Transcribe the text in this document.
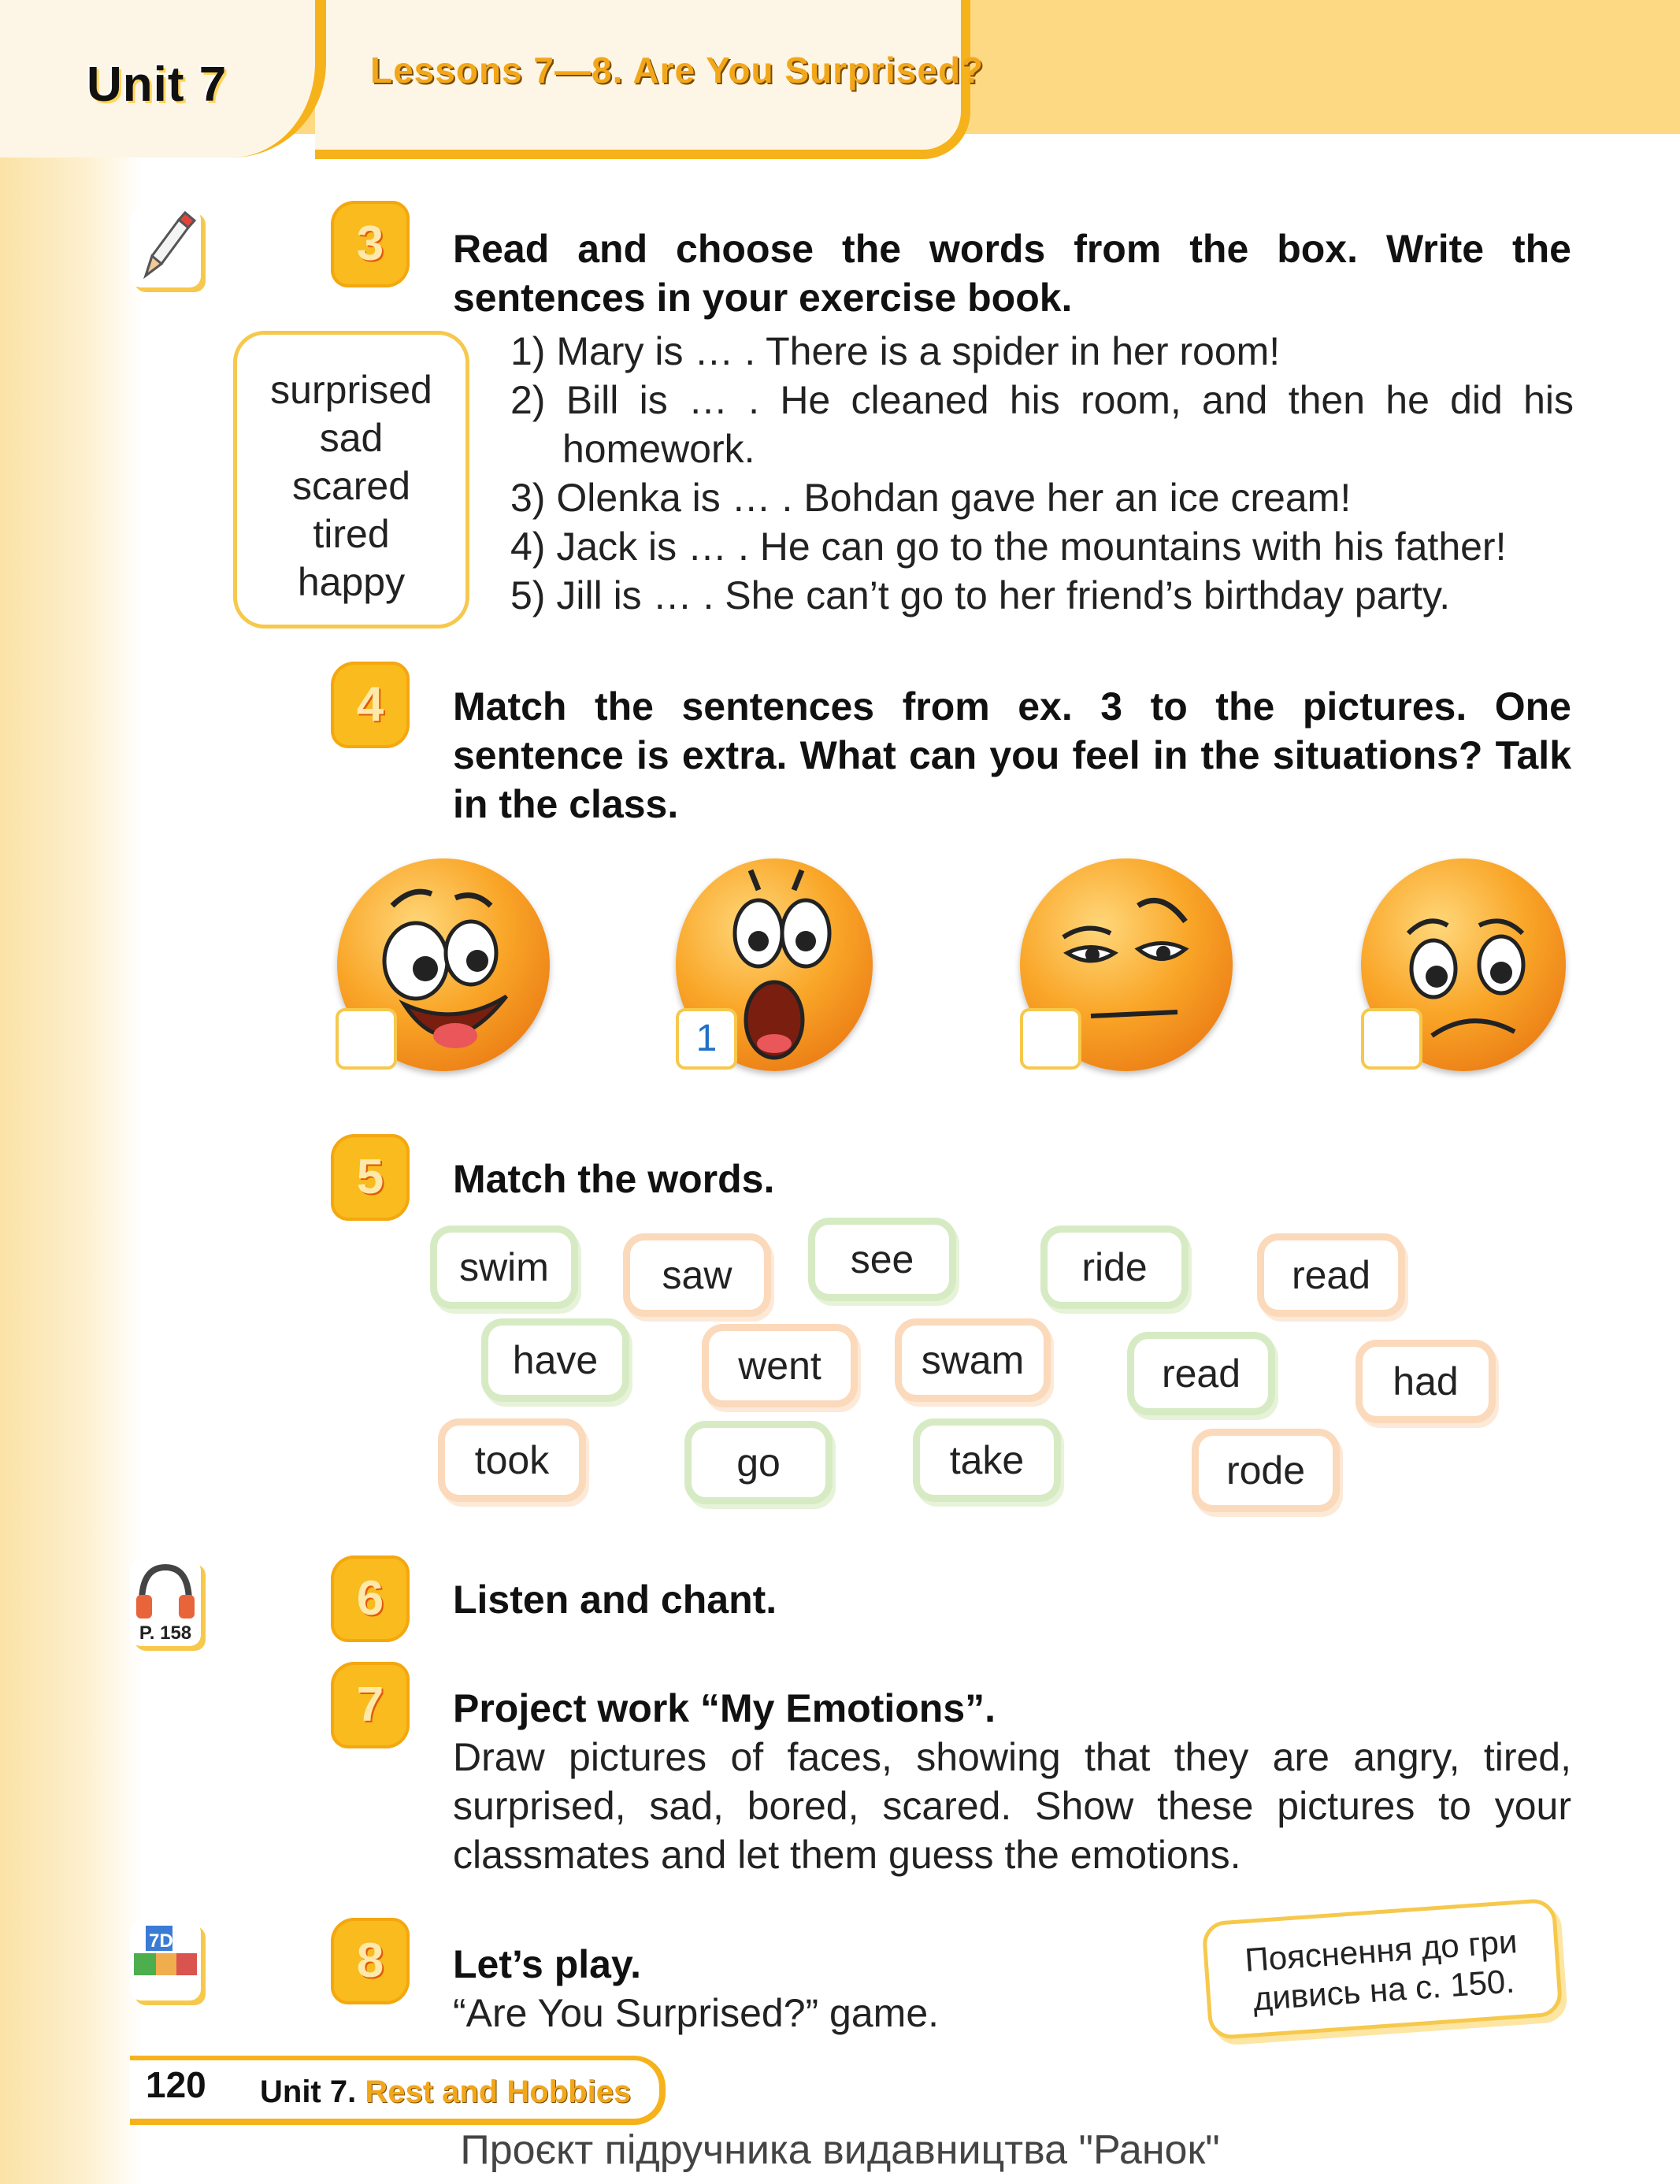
Unit 7	Lessons 7—8. Are You Surprised?
3	Read and choose the words from the box. Write the sentences in your exercise book.
surprised
sad
scared
tired
happy
1) Mary is … . There is a spider in her room!
2) Bill is … . He cleaned his room, and then he did his
homework.
3) Olenka is … . Bohdan gave her an ice cream!
4) Jack is … . He can go to the mountains with his father!
5) Jill is … . She can’t go to her friend’s birthday party.
4	Match the sentences from ex. 3 to the pictures. One sentence is extra. What can you feel in the situations? Talk in the class.
1
5	Match the words.
swim	saw	see	ride	read
have	went	swam	read	had
took	go	take	rode
P. 158
6	Listen and chant.
7	Project work “My Emotions”.
Draw pictures of faces, showing that they are angry, tired, surprised, sad, bored, scared. Show these pictures to your classmates and let them guess the emotions.
7D	8	Let’s play.
“Are You Surprised?” game.
Пояснення до гри
дивись на с. 150.
120 Unit 7. Rest and Hobbies
Проєкт підручника видавництва "Ранок"
